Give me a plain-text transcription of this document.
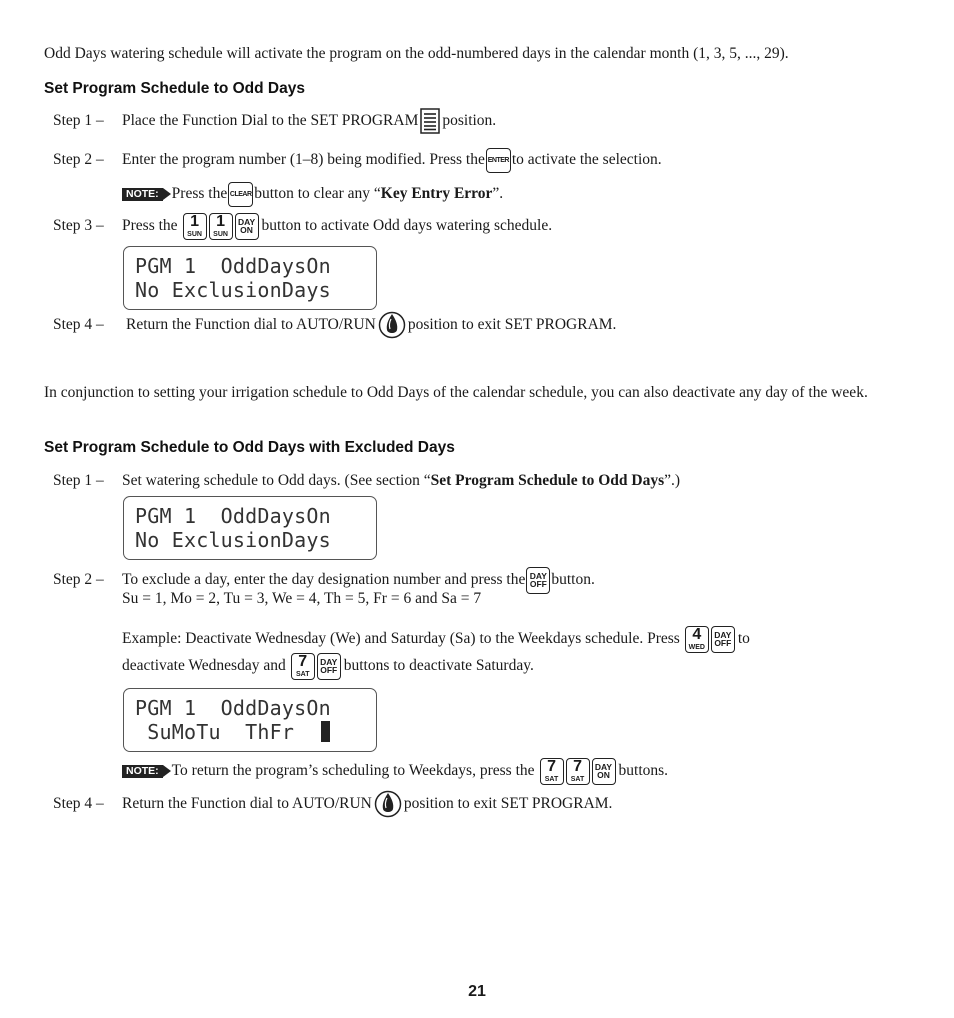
Odd Days watering schedule will activate the program on the odd-numbered days in the calendar month (1, 3, 5, ..., 29).
Set Program Schedule to Odd Days
Step 1 –	Place the Function Dial to the SET PROGRAM position.
Step 2 –	Enter the program number (1–8) being modified. Press the ENTER to activate the selection.
NOTE: Press the CLEAR button to clear any “ Key Entry Error ”.
Step 3 –	Press the 1
SUN
1
SUN
DAY
ON button to activate Odd days watering schedule.
PGM 1  OddDaysOn
No ExclusionDays
Step 4 –	Return the Function dial to AUTO/RUN position to exit SET PROGRAM.
In conjunction to setting your irrigation schedule to Odd Days of the calendar schedule, you can also deactivate any day of the week.
Set Program Schedule to Odd Days with Excluded Days
Step 1 –	Set watering schedule to Odd days. (See section “ Set Program Schedule to Odd Days ”.)
PGM 1  OddDaysOn
No ExclusionDays
Step 2 –	To exclude a day, enter the day designation number and press the DAY
OFF button.
Su = 1, Mo = 2, Tu = 3, We = 4, Th = 5, Fr = 6 and Sa = 7
Example: Deactivate Wednesday (We) and Saturday (Sa) to the Weekdays schedule. Press 4
WED
DAY
OFF to
deactivate Wednesday and 7
SAT
DAY
OFF buttons to deactivate Saturday.
PGM 1  OddDaysOn
SuMoTu  ThFr
NOTE: To return the program’s scheduling to Weekdays, press the 7
SAT
7
SAT
DAY
ON buttons.
Step 4 –	Return the Function dial to AUTO/RUN position to exit SET PROGRAM.
21
